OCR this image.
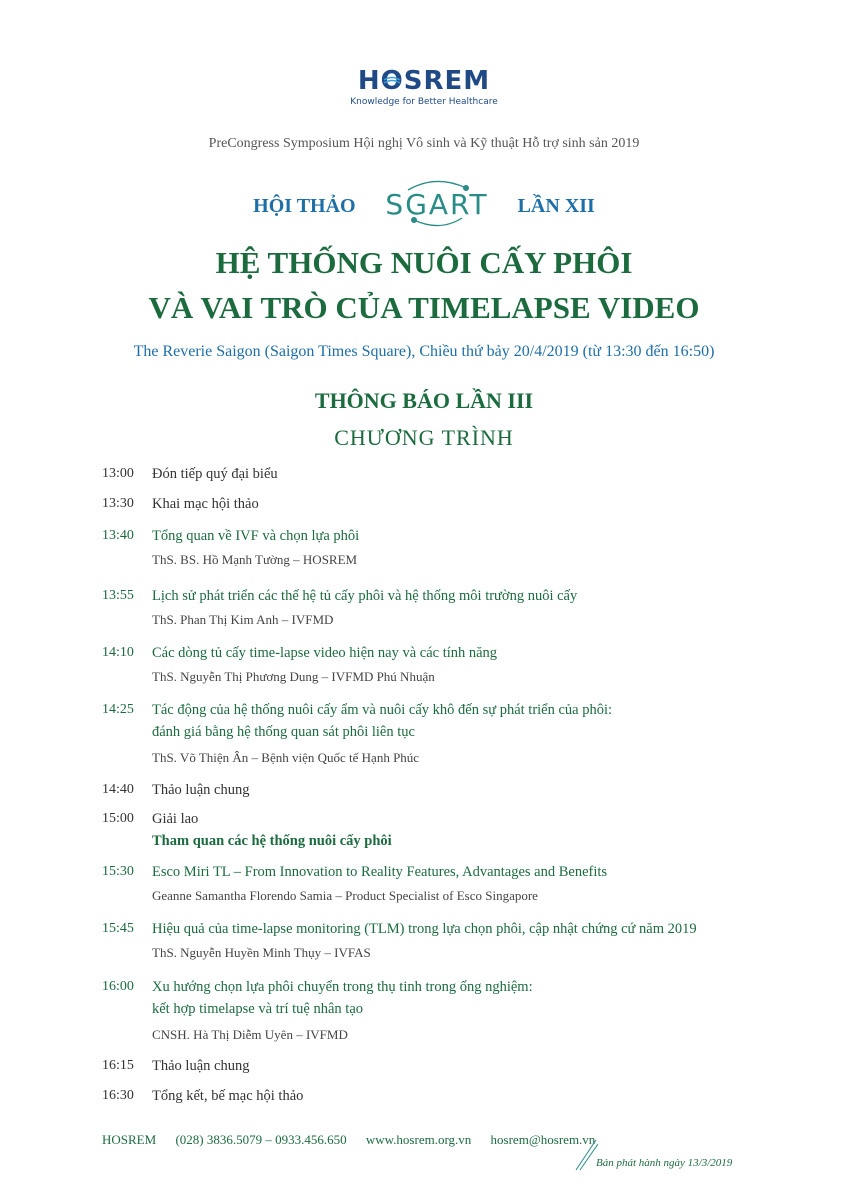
HO
SREM
Knowledge for Better Healthcare
PreCongress Symposium Hội nghị Vô sinh và Kỹ thuật Hỗ trợ sinh sản 2019
HỘI THẢO SGART LẦN XII
HỆ THỐNG NUÔI CẤY PHÔI
VÀ VAI TRÒ CỦA TIMELAPSE VIDEO
The Reverie Saigon (Saigon Times Square), Chiều thứ bảy 20/4/2019 (từ 13:30 đến 16:50)
THÔNG BÁO LẦN III
CHƯƠNG TRÌNH
13:00 Đón tiếp quý đại biểu
13:30 Khai mạc hội thảo
13:40 Tổng quan về IVF và chọn lựa phôi
ThS. BS. Hồ Mạnh Tường – HOSREM
13:55 Lịch sử phát triển các thế hệ tủ cấy phôi và hệ thống môi trường nuôi cấy
ThS. Phan Thị Kim Anh – IVFMD
14:10 Các dòng tủ cấy time-lapse video hiện nay và các tính năng
ThS. Nguyễn Thị Phương Dung – IVFMD Phú Nhuận
14:25 Tác động của hệ thống nuôi cấy ẩm và nuôi cấy khô đến sự phát triển của phôi:
đánh giá bằng hệ thống quan sát phôi liên tục
ThS. Võ Thiện Ân – Bệnh viện Quốc tế Hạnh Phúc
14:40 Thảo luận chung
15:00 Giải lao
Tham quan các hệ thống nuôi cấy phôi
15:30 Esco Miri TL – From Innovation to Reality Features, Advantages and Benefits
Geanne Samantha Florendo Samia – Product Specialist of Esco Singapore
15:45 Hiệu quả của time-lapse monitoring (TLM) trong lựa chọn phôi, cập nhật chứng cứ năm 2019
ThS. Nguyễn Huyền Minh Thụy – IVFAS
16:00 Xu hướng chọn lựa phôi chuyển trong thụ tinh trong ống nghiệm:
kết hợp timelapse và trí tuệ nhân tạo
CNSH. Hà Thị Diễm Uyên – IVFMD
16:15 Thảo luận chung
16:30 Tổng kết, bế mạc hội thảo
HOSREM (028) 3836.5079 – 0933.456.650 www.hosrem.org.vn hosrem@hosrem.vn
Bản phát hành ngày 13/3/2019
